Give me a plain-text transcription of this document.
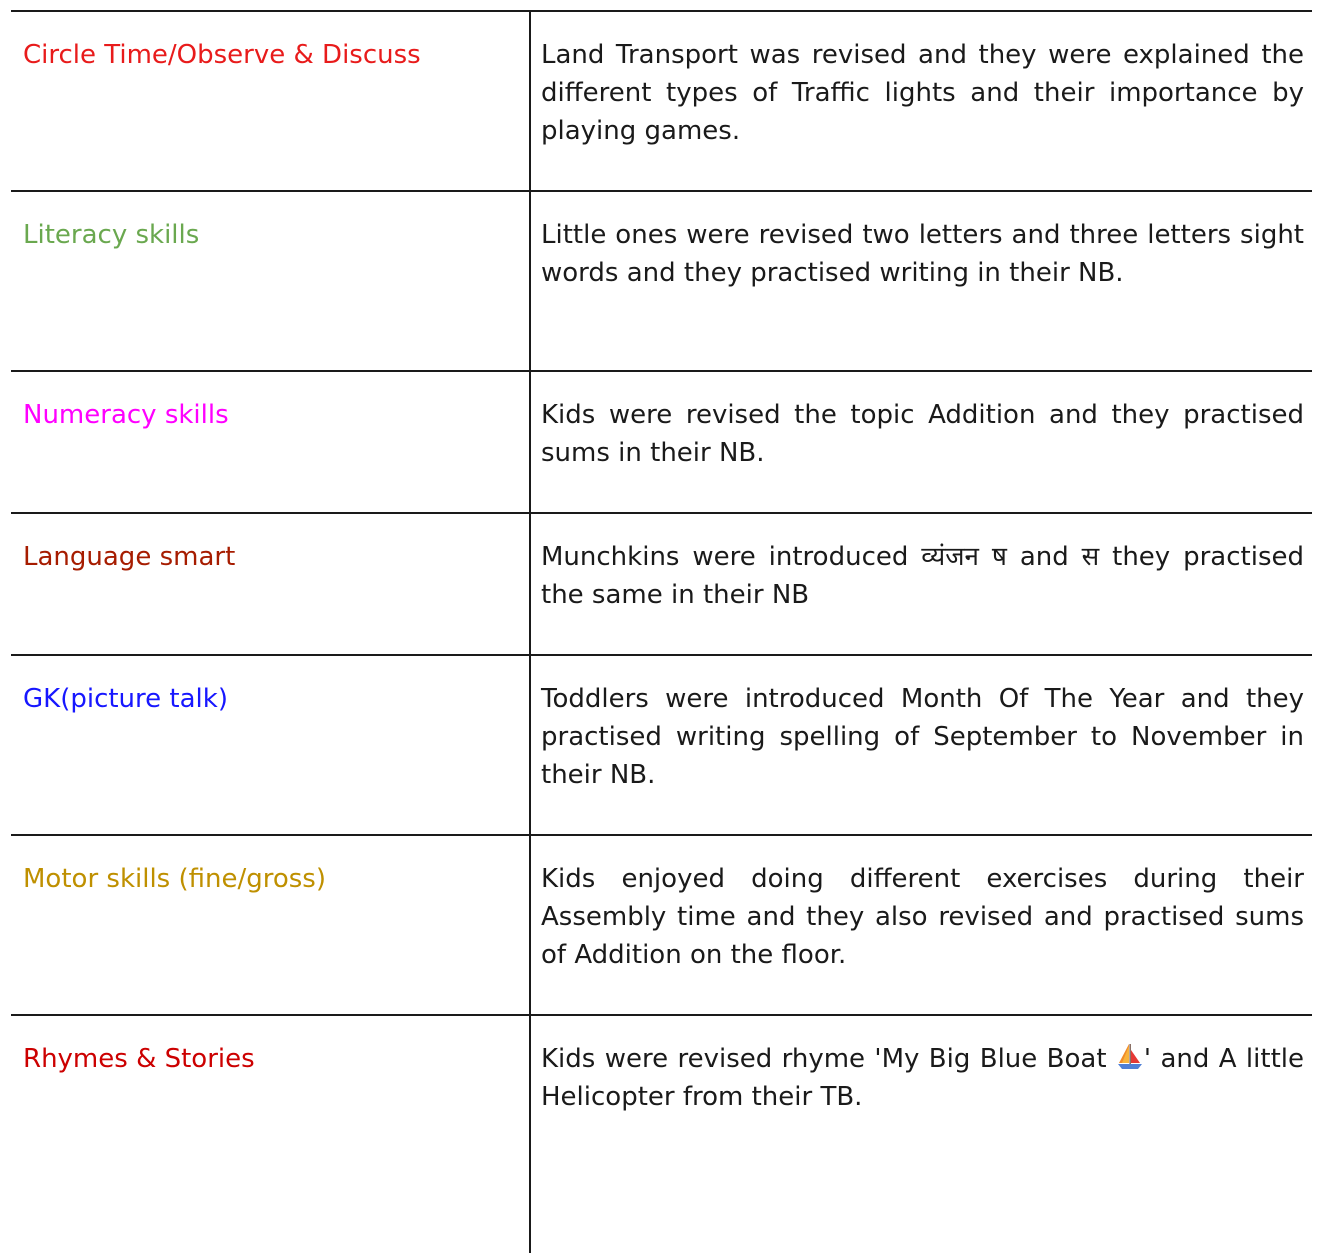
Circle Time/Observe & Discuss	Land Transport was revised and they were explained the different types of Traffic lights and their importance by playing games.
Literacy skills	Little ones were revised two letters and three letters sight words and they practised writing in their NB.
Numeracy skills	Kids were revised the topic Addition and they practised sums in their NB.
Language smart	Munchkins were introduced व्यंजन ष and स they practised the same in their NB
GK(picture talk)	Toddlers were introduced Month Of The Year and they practised writing spelling of September to November in their NB.
Motor skills (fine/gross)	Kids enjoyed doing different exercises during their Assembly time and they also revised and practised sums of Addition on the floor.
Rhymes & Stories	Kids were revised rhyme 'My Big Blue Boat ' and A little Helicopter from their TB.
